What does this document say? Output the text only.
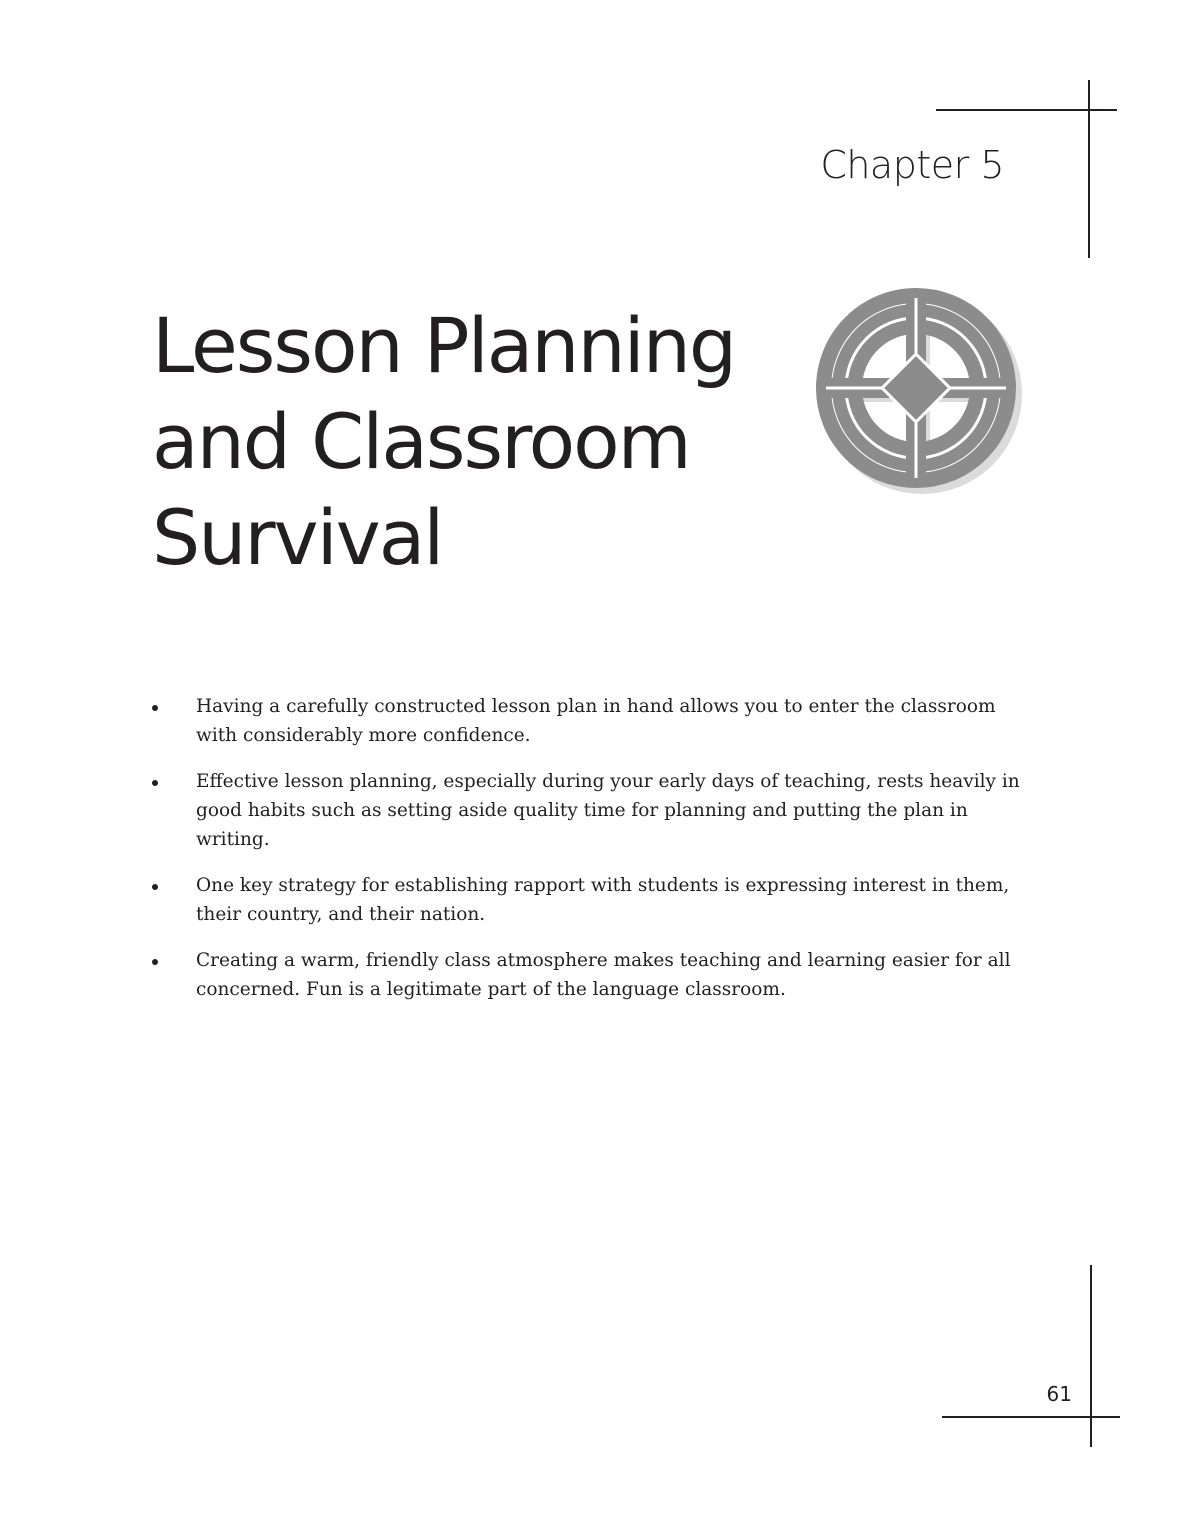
Chapter 5
Lesson Planning
and Classroom
Survival
Having a carefully constructed lesson plan in hand allows you to enter the classroom with considerably more confidence.
Effective lesson planning, especially during your early days of teaching, rests heavily in good habits such as setting aside quality time for planning and putting the plan in writing.
One key strategy for establishing rapport with students is expressing interest in them, their country, and their nation.
Creating a warm, friendly class atmosphere makes teaching and learning easier for all concerned. Fun is a legitimate part of the language classroom.
61
